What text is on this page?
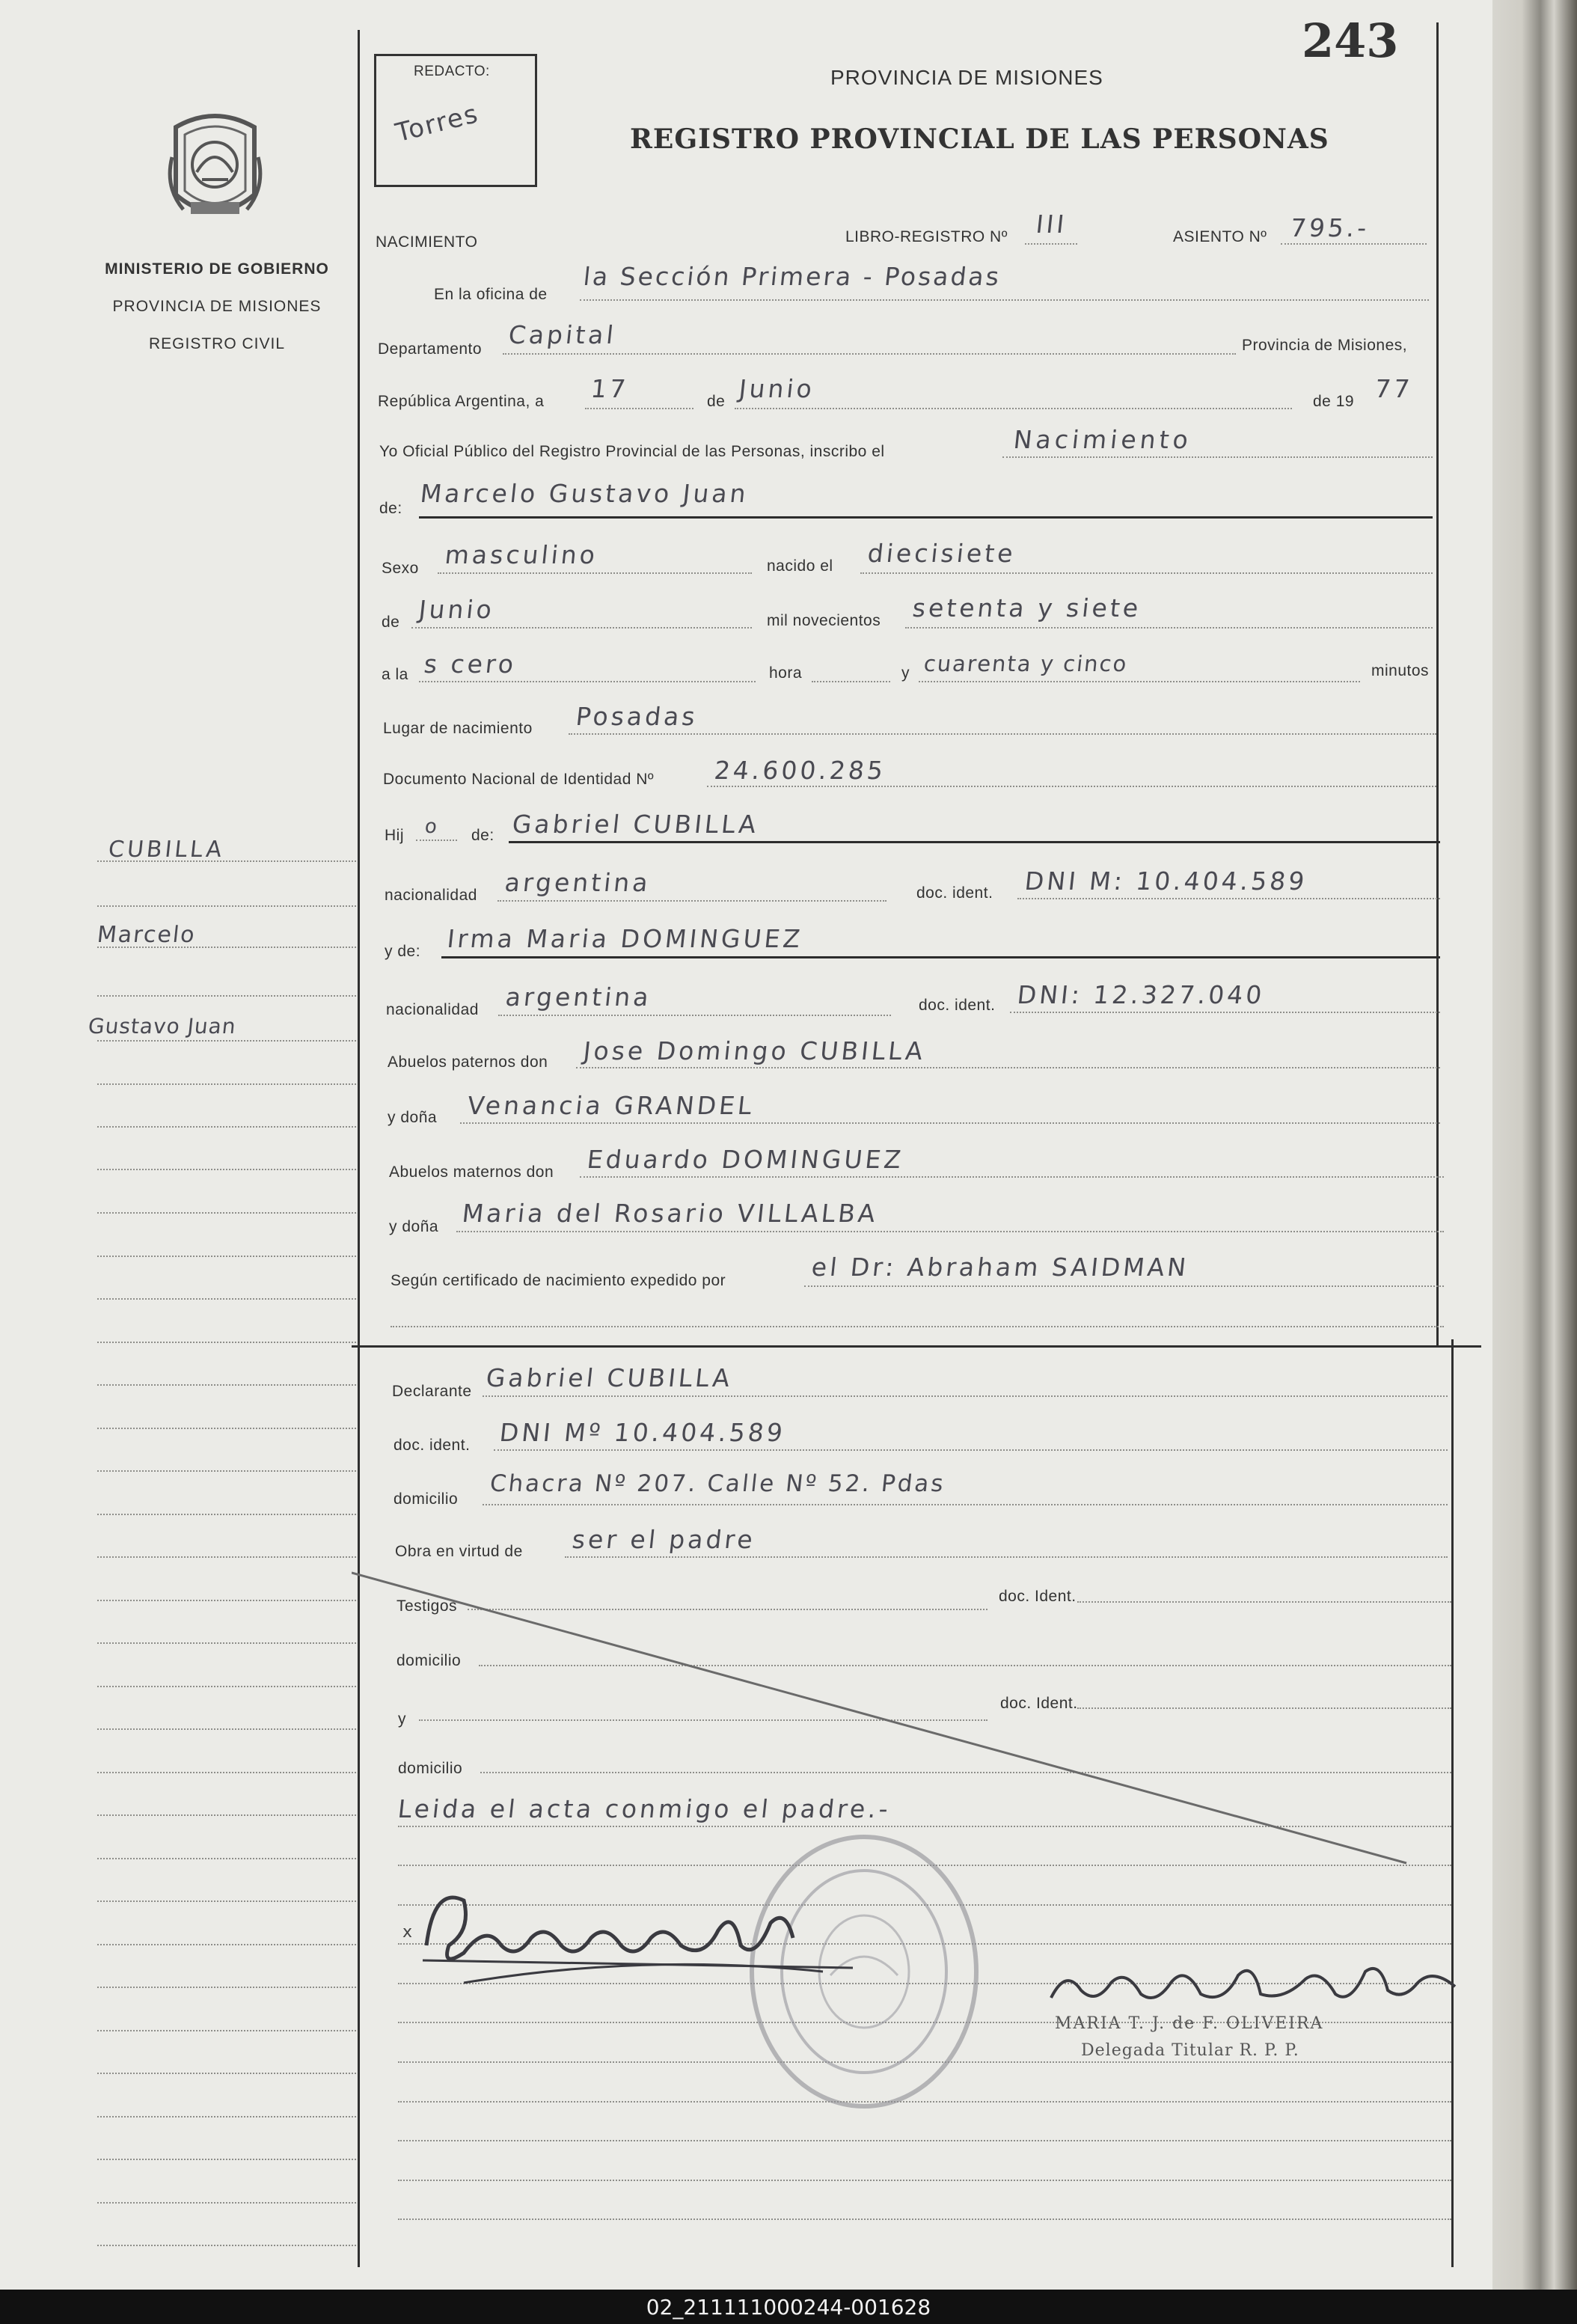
MINISTERIO DE GOBIERNO
PROVINCIA DE MISIONES
REGISTRO CIVIL
CUBILLA
Marcelo
Gustavo Juan
243
REDACTO:
Torres
PROVINCIA DE MISIONES
REGISTRO PROVINCIAL DE LAS PERSONAS
NACIMIENTO	LIBRO-REGISTRO Nº III	ASIENTO Nº 795.-
En la oficina de
la Sección Primera - Posadas
Departamento Capital	Provincia de Misiones,
República Argentina, a 17	de Junio	de 19 77
Yo Oficial Público del Registro Provincial de las Personas, inscribo el	Nacimiento
de:
Marcelo Gustavo Juan
Sexo masculino	nacido el diecisiete
de Junio	mil novecientos setenta y siete
a la s cero	hora	y cuarenta y cinco	minutos
Lugar de nacimiento Posadas
Documento Nacional de Identidad Nº 24.600.285
Hij o de: Gabriel CUBILLA
nacionalidad argentina	doc. ident. DNI M: 10.404.589
y de: Irma Maria DOMINGUEZ
nacionalidad argentina	doc. ident. DNI: 12.327.040
Abuelos paternos don Jose Domingo CUBILLA
y doña Venancia GRANDEL
Abuelos maternos don Eduardo DOMINGUEZ
y doña Maria del Rosario VILLALBA
Según certificado de nacimiento expedido por	el Dr: Abraham SAIDMAN
Declarante Gabriel CUBILLA
doc. ident. DNI Mº 10.404.589
domicilio
Chacra Nº 207. Calle Nº 52. Pdas
Obra en virtud de ser el padre
Testigos
doc. Ident.
domicilio
y
doc. Ident.
domicilio
Leida el acta conmigo el padre.-
x
MARIA T. J. de F. OLIVEIRA
Delegada Titular R. P. P.
02_211111000244-001628
